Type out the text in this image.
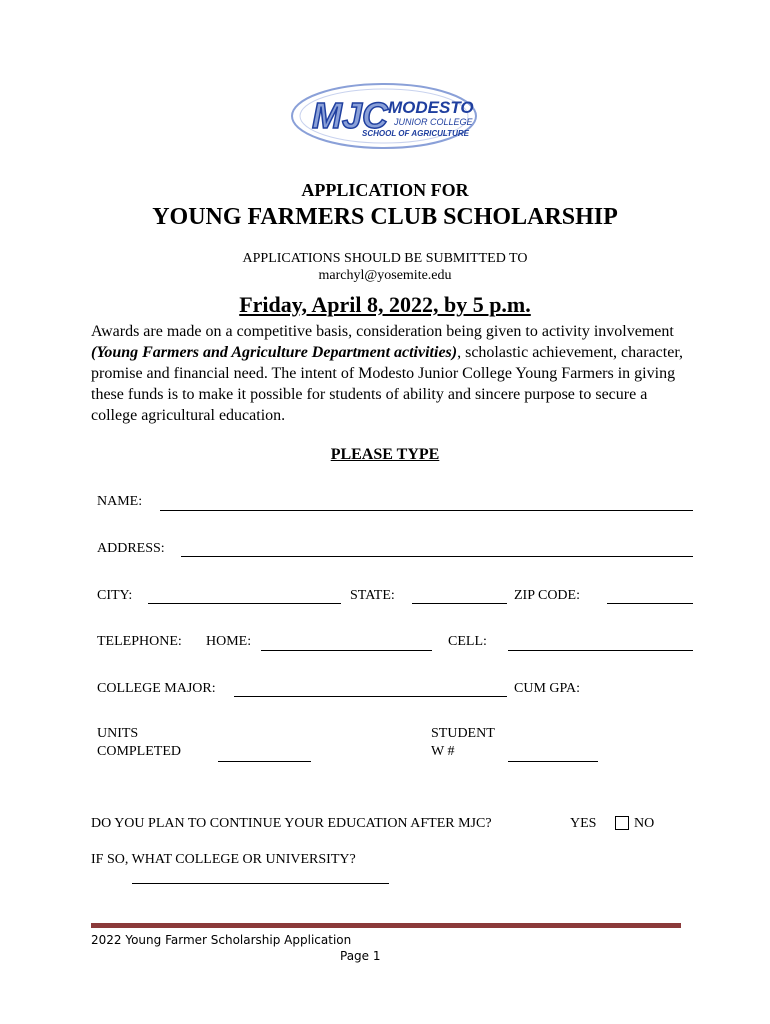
MJC MODESTO
JUNIOR COLLEGE
SCHOOL OF AGRICULTURE
APPLICATION FOR
YOUNG FARMERS CLUB SCHOLARSHIP
APPLICATIONS SHOULD BE SUBMITTED TO
marchyl@yosemite.edu
Friday, April 8, 2022, by 5 p.m.
Awards are made on a competitive basis, consideration being given to activity involvement (Young Farmers and Agriculture Department activities), scholastic achievement, character, promise and financial need. The intent of Modesto Junior College Young Farmers in giving these funds is to make it possible for students of ability and sincere purpose to secure a college agricultural education.
PLEASE TYPE
NAME:
ADDRESS:
CITY:	STATE:	ZIP CODE:
TELEPHONE: HOME:	CELL:
COLLEGE MAJOR:	CUM GPA:
UNITS
COMPLETED
STUDENT
W #
DO YOU PLAN TO CONTINUE YOUR EDUCATION AFTER MJC?	YES	NO
IF SO, WHAT COLLEGE OR UNIVERSITY?
2022 Young Farmer Scholarship Application
Page 1
